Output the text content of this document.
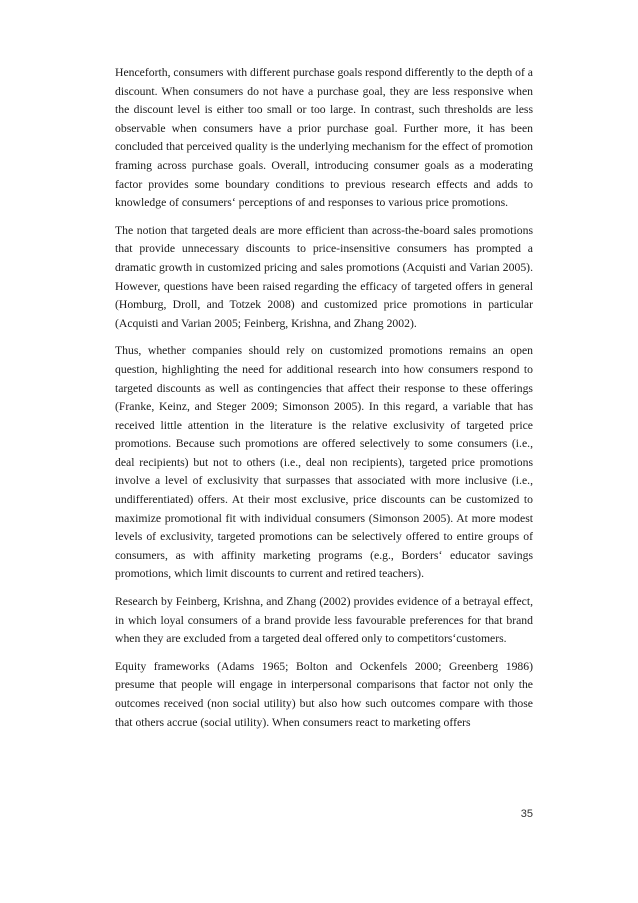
Henceforth, consumers with different purchase goals respond differently to the depth of a discount. When consumers do not have a purchase goal, they are less responsive when the discount level is either too small or too large. In contrast, such thresholds are less observable when consumers have a prior purchase goal. Further more, it has been concluded that perceived quality is the underlying mechanism for the effect of promotion framing across purchase goals. Overall, introducing consumer goals as a moderating factor provides some boundary conditions to previous research effects and adds to knowledge of consumers‘ perceptions of and responses to various price promotions.

The notion that targeted deals are more efficient than across-the-board sales promotions that provide unnecessary discounts to price-insensitive consumers has prompted a dramatic growth in customized pricing and sales promotions (Acquisti and Varian 2005). However, questions have been raised regarding the efficacy of targeted offers in general (Homburg, Droll, and Totzek 2008) and customized price promotions in particular (Acquisti and Varian 2005; Feinberg, Krishna, and Zhang 2002).

Thus, whether companies should rely on customized promotions remains an open question, highlighting the need for additional research into how consumers respond to targeted discounts as well as contingencies that affect their response to these offerings (Franke, Keinz, and Steger 2009; Simonson 2005). In this regard, a variable that has received little attention in the literature is the relative exclusivity of targeted price promotions. Because such promotions are offered selectively to some consumers (i.e., deal recipients) but not to others (i.e., deal non recipients), targeted price promotions involve a level of exclusivity that surpasses that associated with more inclusive (i.e., undifferentiated) offers. At their most exclusive, price discounts can be customized to maximize promotional fit with individual consumers (Simonson 2005). At more modest levels of exclusivity, targeted promotions can be selectively offered to entire groups of consumers, as with affinity marketing programs (e.g., Borders‘ educator savings promotions, which limit discounts to current and retired teachers).

Research by Feinberg, Krishna, and Zhang (2002) provides evidence of a betrayal effect, in which loyal consumers of a brand provide less favourable preferences for that brand when they are excluded from a targeted deal offered only to competitors‘customers.

Equity frameworks (Adams 1965; Bolton and Ockenfels 2000; Greenberg 1986) presume that people will engage in interpersonal comparisons that factor not only the outcomes received (non social utility) but also how such outcomes compare with those that others accrue (social utility). When consumers react to marketing offers

35
